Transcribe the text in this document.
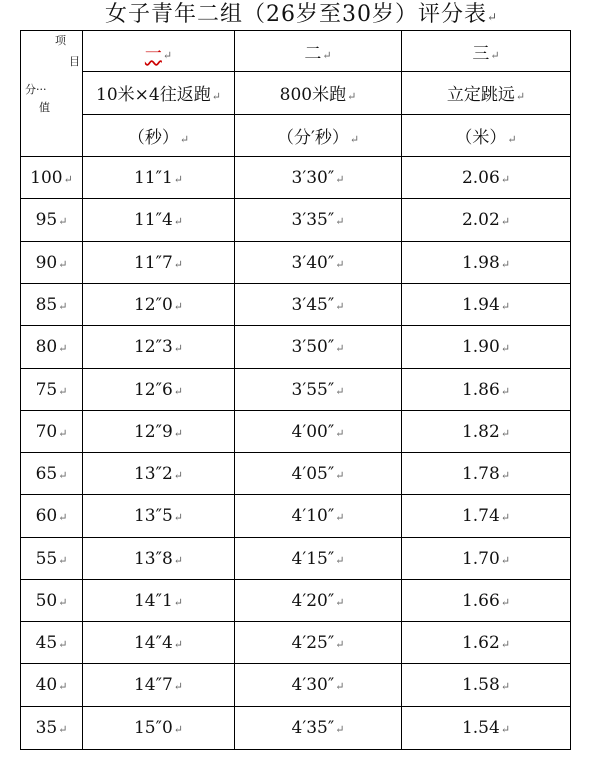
女子青年二组（26岁至30岁）评分表↵
项
目
分···
值	一↵	二↵	三↵
	10米×4往返跑↵	800米跑↵	立定跳远↵
	（秒）↵	（分′秒）↵	（米）↵
100↵	11″1↵	3′30″↵	2.06↵
95↵	11″4↵	3′35″↵	2.02↵
90↵	11″7↵	3′40″↵	1.98↵
85↵	12″0↵	3′45″↵	1.94↵
80↵	12″3↵	3′50″↵	1.90↵
75↵	12″6↵	3′55″↵	1.86↵
70↵	12″9↵	4′00″↵	1.82↵
65↵	13″2↵	4′05″↵	1.78↵
60↵	13″5↵	4′10″↵	1.74↵
55↵	13″8↵	4′15″↵	1.70↵
50↵	14″1↵	4′20″↵	1.66↵
45↵	14″4↵	4′25″↵	1.62↵
40↵	14″7↵	4′30″↵	1.58↵
35↵	15″0↵	4′35″↵	1.54↵
